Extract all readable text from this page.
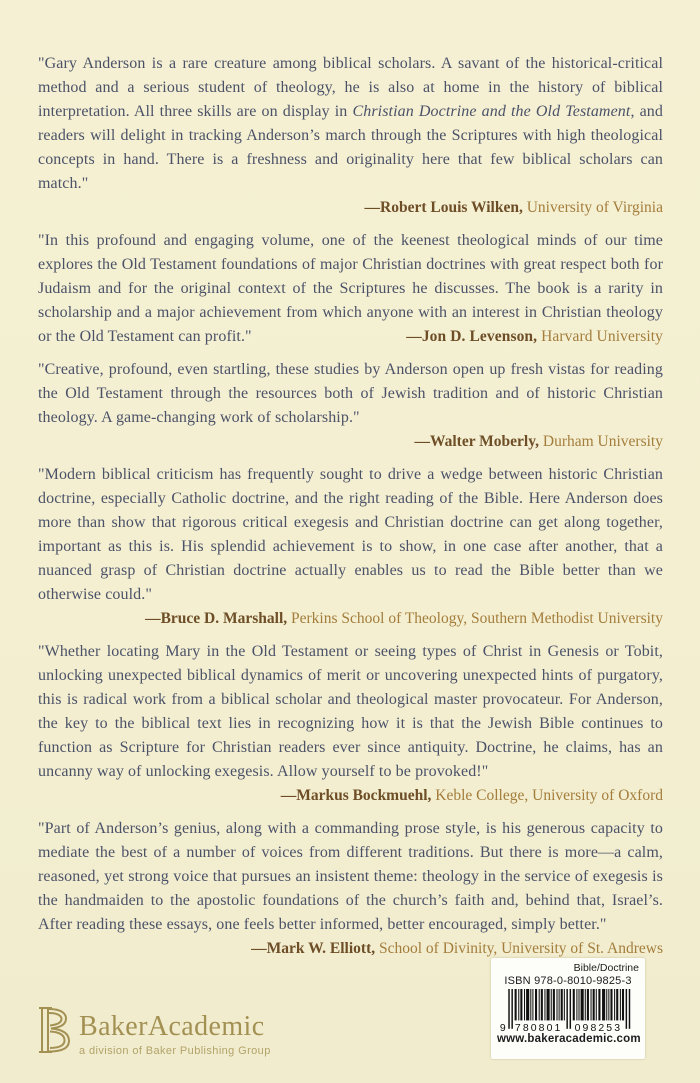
"Gary Anderson is a rare creature among biblical scholars. A savant of the historical-critical method and a serious student of theology, he is also at home in the history of biblical interpretation. All three skills are on display in Christian Doctrine and the Old Testament, and readers will delight in tracking Anderson’s march through the Scriptures with high theological concepts in hand. There is a freshness and originality here that few biblical scholars can match."

—Robert Louis Wilken, University of Virginia

"In this profound and engaging volume, one of the keenest theological minds of our time explores the Old Testament foundations of major Christian doctrines with great respect both for Judaism and for the original context of the Scriptures he discusses. The book is a rarity in scholarship and a major achievement from which anyone with an interest in Christian theology or the Old Testament can profit."	—Jon D. Levenson, Harvard University

"Creative, profound, even startling, these studies by Anderson open up fresh vistas for reading the Old Testament through the resources both of Jewish tradition and of historic Christian theology. A game-changing work of scholarship."

—Walter Moberly, Durham University

"Modern biblical criticism has frequently sought to drive a wedge between historic Christian doctrine, especially Catholic doctrine, and the right reading of the Bible. Here Anderson does more than show that rigorous critical exegesis and Christian doctrine can get along together, important as this is. His splendid achievement is to show, in one case after another, that a nuanced grasp of Christian doctrine actually enables us to read the Bible better than we otherwise could."

—Bruce D. Marshall, Perkins School of Theology, Southern Methodist University

"Whether locating Mary in the Old Testament or seeing types of Christ in Genesis or Tobit, unlocking unexpected biblical dynamics of merit or uncovering unexpected hints of purgatory, this is radical work from a biblical scholar and theological master provocateur. For Anderson, the key to the biblical text lies in recognizing how it is that the Jewish Bible continues to function as Scripture for Christian readers ever since antiquity. Doctrine, he claims, has an uncanny way of unlocking exegesis. Allow yourself to be provoked!"

—Markus Bockmuehl, Keble College, University of Oxford

"Part of Anderson’s genius, along with a commanding prose style, is his generous capacity to mediate the best of a number of voices from different traditions. But there is more—a calm, reasoned, yet strong voice that pursues an insistent theme: theology in the service of exegesis is the handmaiden to the apostolic foundations of the church’s faith and, behind that, Israel’s. After reading these essays, one feels better informed, better encouraged, simply better."

—Mark W. Elliott, School of Divinity, University of St. Andrews
BakerAcademic
a division of Baker Publishing Group
Bible/Doctrine
ISBN 978-0-8010-9825-3
9 780801 098253
www.bakeracademic.com
